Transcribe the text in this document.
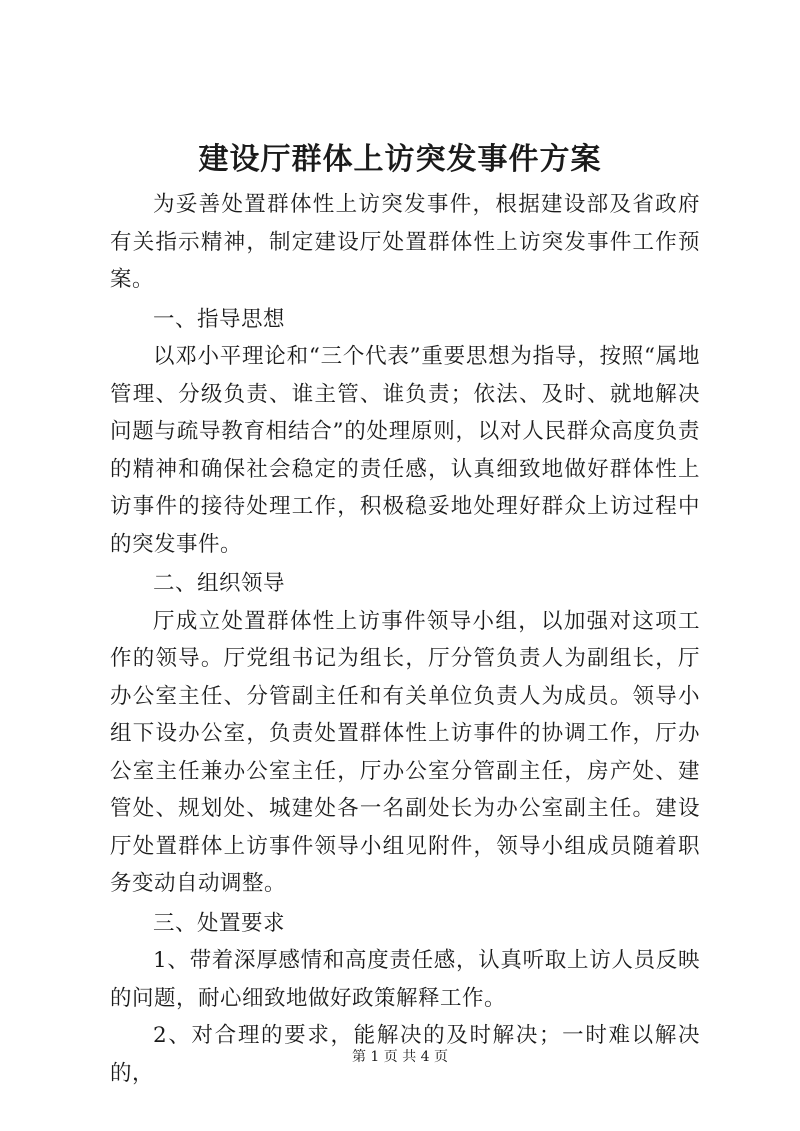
建设厅群体上访突发事件方案

为妥善处置群体性上访突发事件，根据建设部及省政府有关指示精神，制定建设厅处置群体性上访突发事件工作预案。

一、指导思想

以邓小平理论和“三个代表”重要思想为指导，按照“属地管理、分级负责、谁主管、谁负责；依法、及时、就地解决问题与疏导教育相结合”的处理原则，以对人民群众高度负责的精神和确保社会稳定的责任感，认真细致地做好群体性上访事件的接待处理工作，积极稳妥地处理好群众上访过程中的突发事件。

二、组织领导

厅成立处置群体性上访事件领导小组，以加强对这项工作的领导。厅党组书记为组长，厅分管负责人为副组长，厅办公室主任、分管副主任和有关单位负责人为成员。领导小组下设办公室，负责处置群体性上访事件的协调工作，厅办公室主任兼办公室主任，厅办公室分管副主任，房产处、建管处、规划处、城建处各一名副处长为办公室副主任。建设厅处置群体上访事件领导小组见附件，领导小组成员随着职务变动自动调整。

三、处置要求

1、带着深厚感情和高度责任感，认真听取上访人员反映的问题，耐心细致地做好政策解释工作。

2、对合理的要求，能解决的及时解决；一时难以解决的，

第 1 页 共 4 页
